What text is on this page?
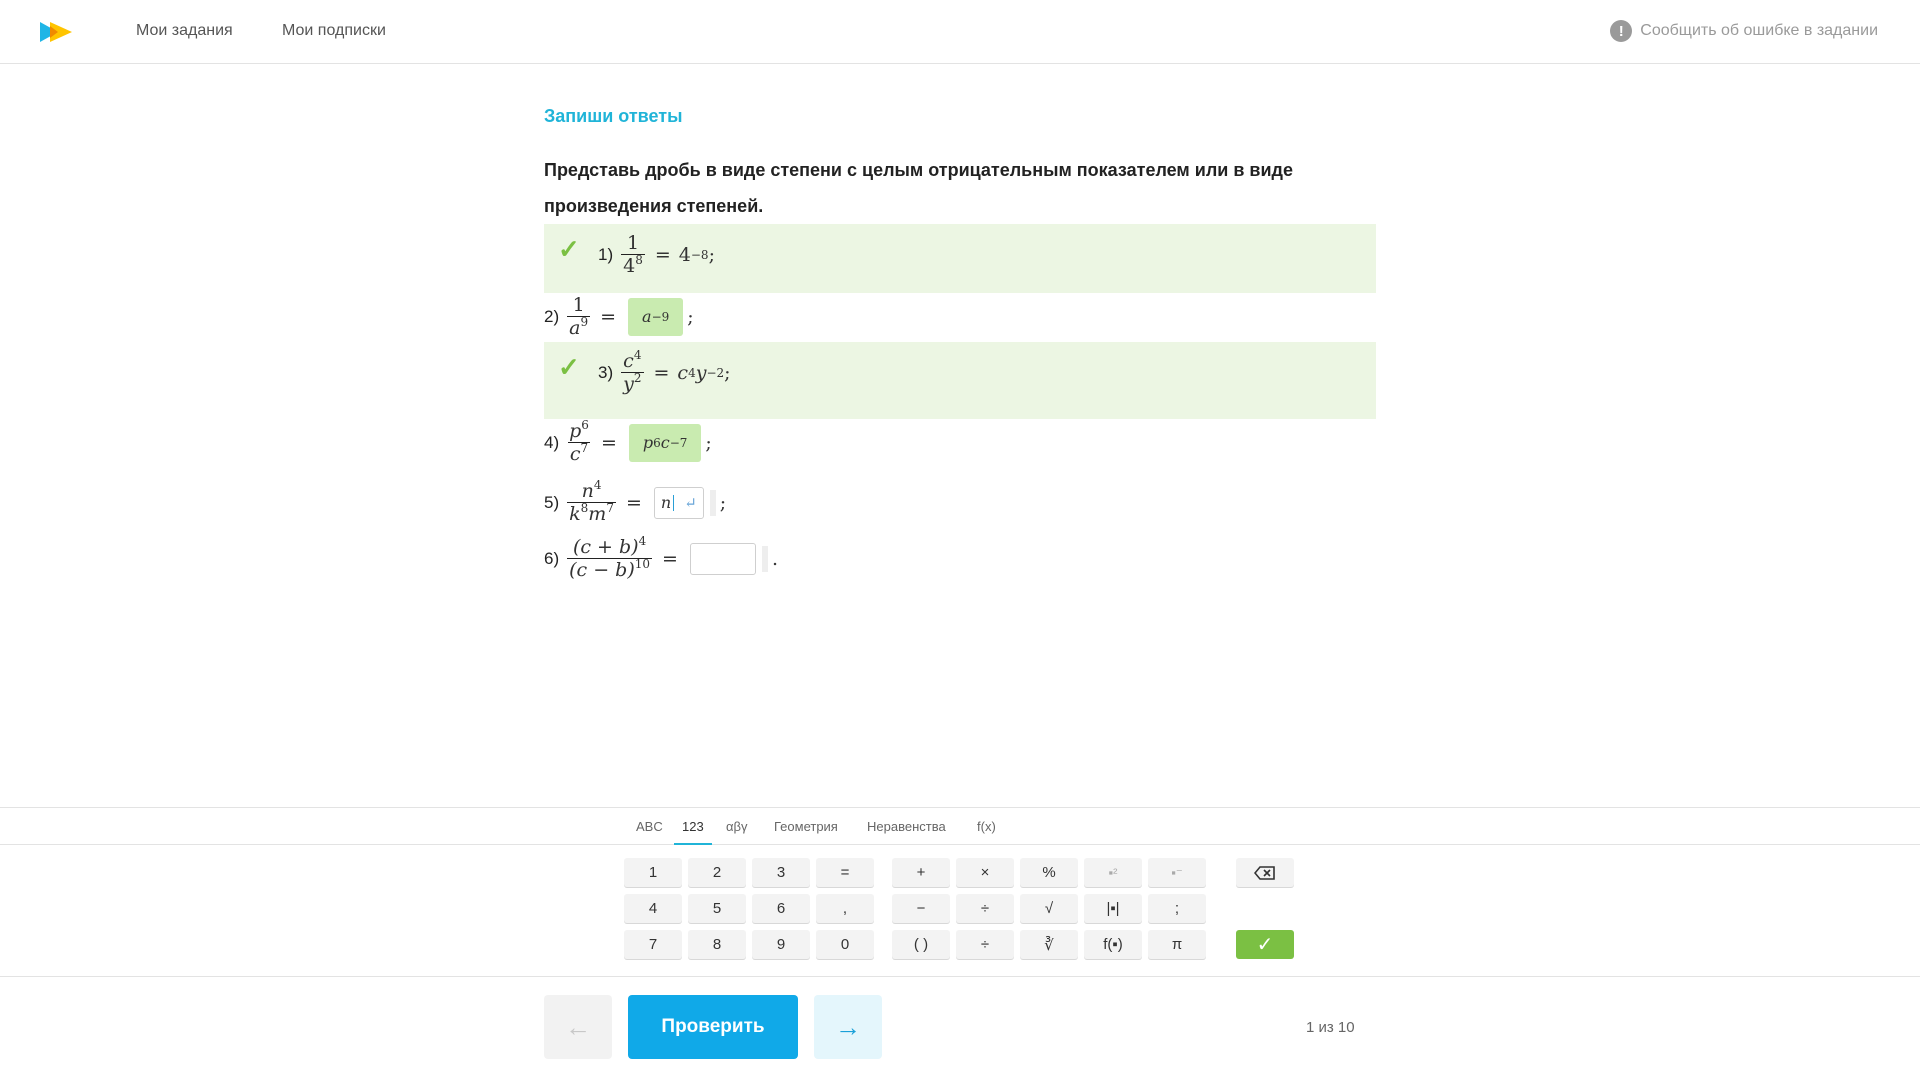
Мои задания	Мои подписки	!	Сообщить об ошибке в задании
Запиши ответы
Представь дробь в виде степени с целым отрицательным показателем или в виде произведения степеней.
✓ $1) \frac{1}{4^8} = 4 -8$ ;
$2) \frac{1}{a^9} = a -9$ ;
✓ $3) \frac{c^4}{y^2} = c$ 4 y −2 ;
$4) \frac{p^6}{c^7} = p$ 6 c −7 ;
$5) \frac{n^4}{k^8m^7} = n$ ↵ ;
$6) \frac{(c + b)^4}{(c - b)^{10}}$ =	.
ABC 123 αβγ Геометрия Неравенства f(x)
1	2	3	=
4	5	6	,
7	8	9	0
+	×	%	▪²	▪⁻
−	÷	√	|▪|	;
( )	÷	∛	f(▪)	π	✓
←	Проверить	→	1 из 10
